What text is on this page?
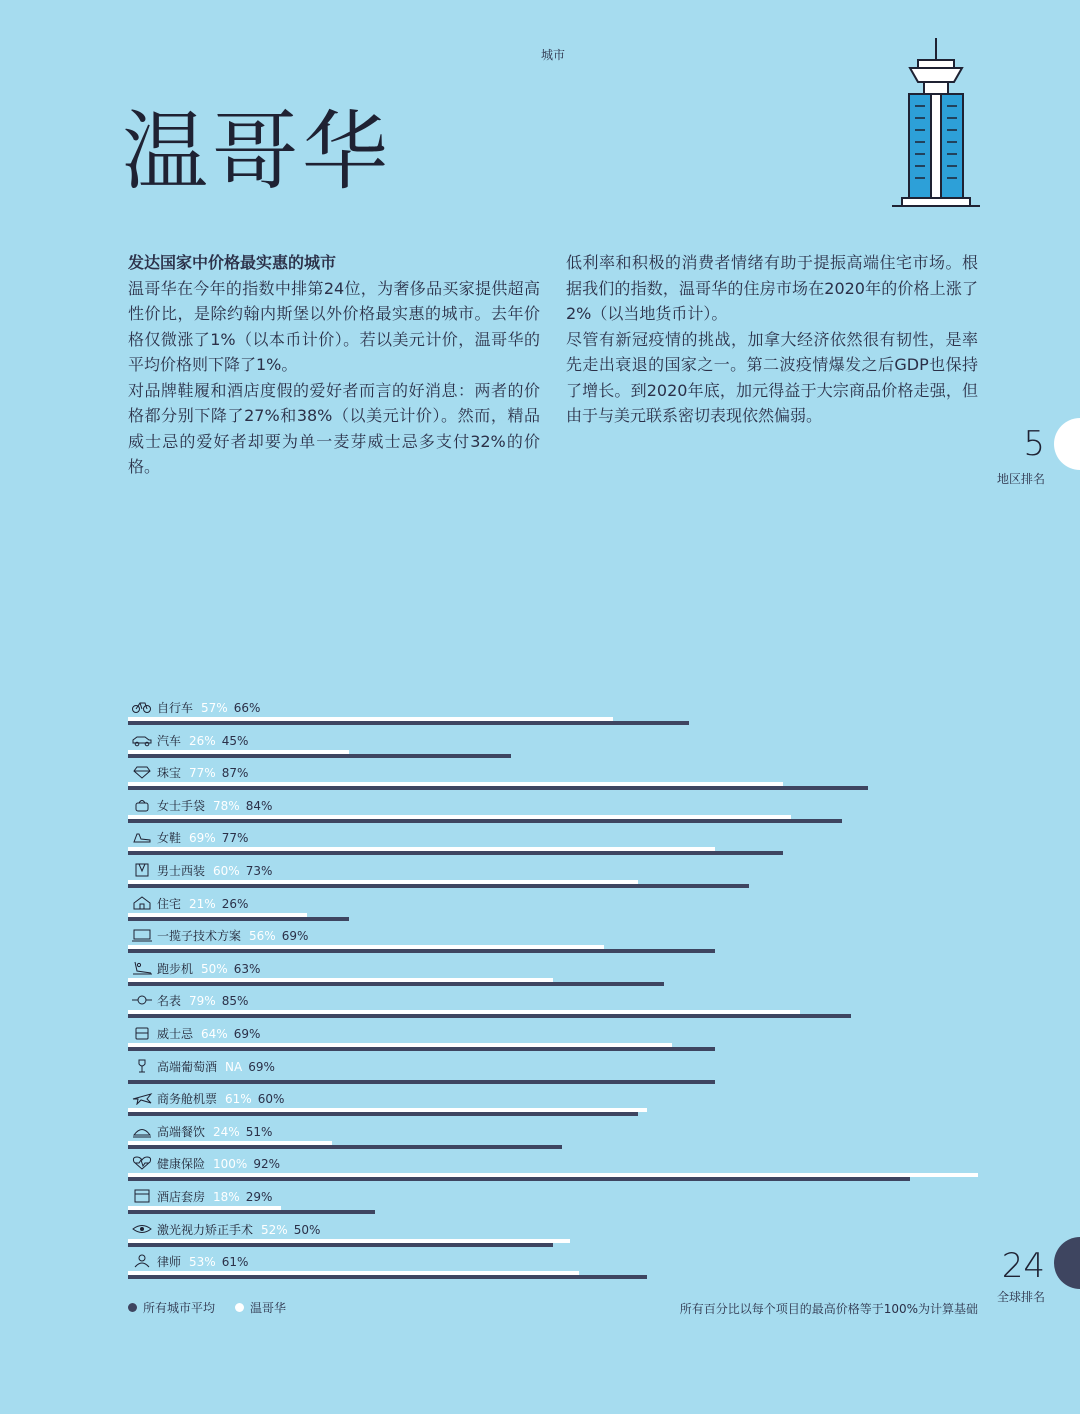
城市
温哥华

发达国家中价格最实惠的城市

温哥华在今年的指数中排第24位，为奢侈品买家提供超高性价比，是除约翰内斯堡以外价格最实惠的城市。去年价格仅微涨了1%（以本币计价）。若以美元计价，温哥华的平均价格则下降了1%。

对品牌鞋履和酒店度假的爱好者而言的好消息：两者的价格都分别下降了27%和38%（以美元计价）。然而，精品威士忌的爱好者却要为单一麦芽威士忌多支付32%的价格。

低利率和积极的消费者情绪有助于提振高端住宅市场。根据我们的指数，温哥华的住房市场在2020年的价格上涨了2%（以当地货币计）。

尽管有新冠疫情的挑战，加拿大经济依然很有韧性，是率先走出衰退的国家之一。第二波疫情爆发之后GDP也保持了增长。到2020年底，加元得益于大宗商品价格走强，但由于与美元联系密切表现依然偏弱。

5
地区排名
24
全球排名
自行车 57% 66%
汽车 26% 45%
珠宝 77% 87%
女士手袋 78% 84%
女鞋 69% 77%
男士西装 60% 73%
住宅 21% 26%
一揽子技术方案 56% 69%
跑步机 50% 63%
名表 79% 85%
威士忌 64% 69%
高端葡萄酒 NA 69%
商务舱机票 61% 60%
高端餐饮 24% 51%
健康保险 100% 92%
酒店套房 18% 29%
激光视力矫正手术 52% 50%
律师 53% 61%
所有城市平均	温哥华	所有百分比以每个项目的最高价格等于100%为计算基础
